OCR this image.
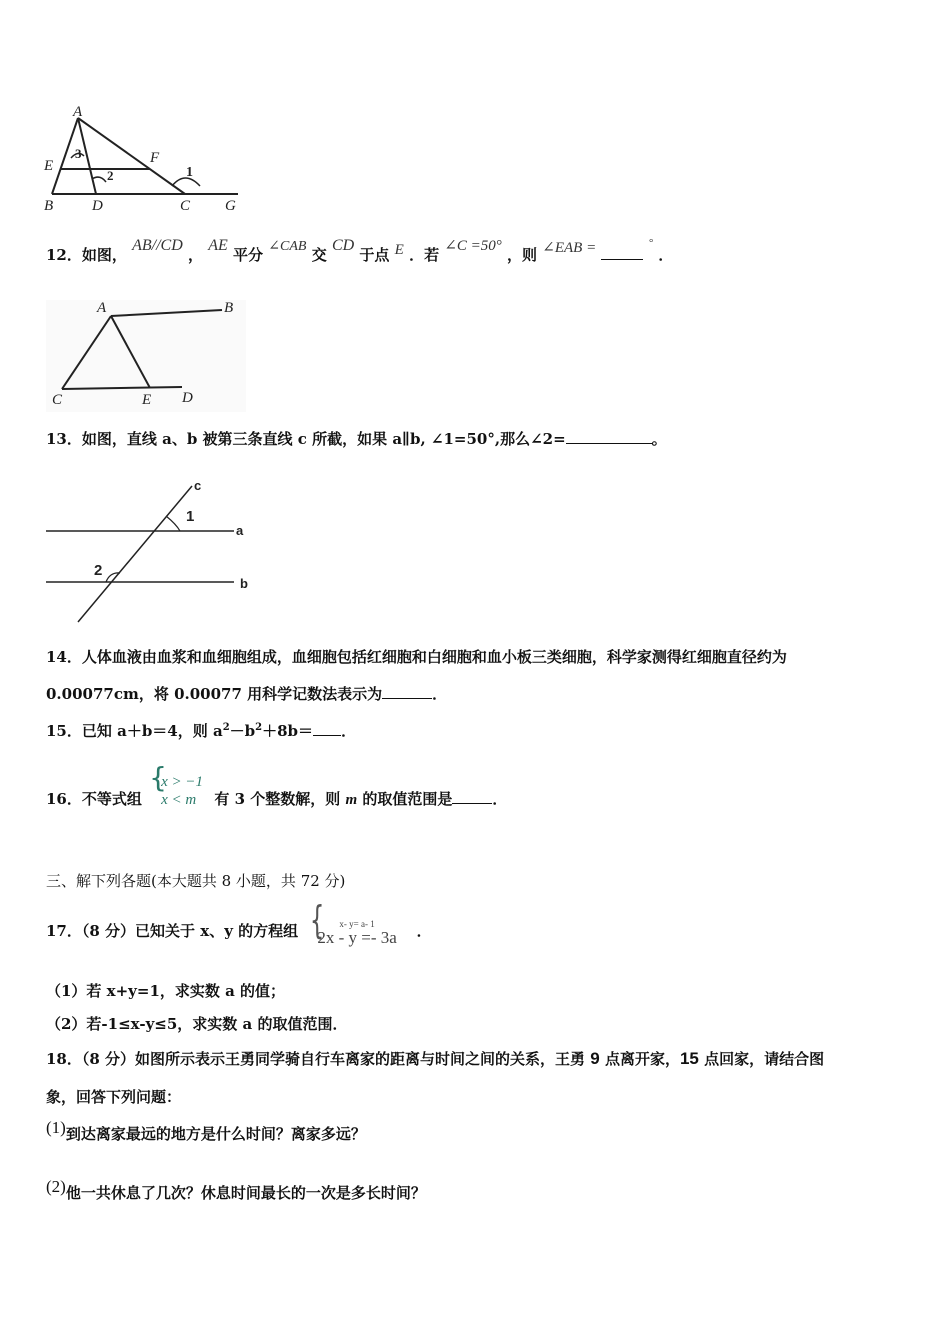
A
E	F
B	D	C G
3
2	1
12．如图， AB//CD ， AE 平分 ∠CAB 交 CD 于点 E ．若 ∠C =50° ，则 ∠EAB =	° ．
A	B
C	E D
13．如图，直线 a、b 被第三条直线 c 所截，如果 a∥b, ∠1=50°,那么∠2=	。
c
a
b
1
2
14．人体血液由血浆和血细胞组成，血细胞包括红细胞和白细胞和血小板三类细胞，科学家测得红细胞直径约为
0.00077cm，将 0.00077 用科学记数法表示为	．
15．已知 a＋b＝4，则 $a^2-b^2+8b=$ ．
16．不等式组
{
x > −1
x < m 有 3 个整数解，则 m 的取值范围是	．
三、解下列各题(本大题共 8 小题，共 72 分)
17．（8 分）已知关于 x、y 的方程组 { x- y= a- 1
2x - y =- 3a ．
（1）若 x+y=1，求实数 a 的值；
（2）若-1≤x-y≤5，求实数 a 的取值范围．
18．（8 分）如图所示表示王勇同学骑自行车离家的距离与时间之间的关系，王勇 9 点离开家，15 点回家，请结合图
象，回答下列问题：
(1)到达离家最远的地方是什么时间？离家多远？
(2)他一共休息了几次？休息时间最长的一次是多长时间？
